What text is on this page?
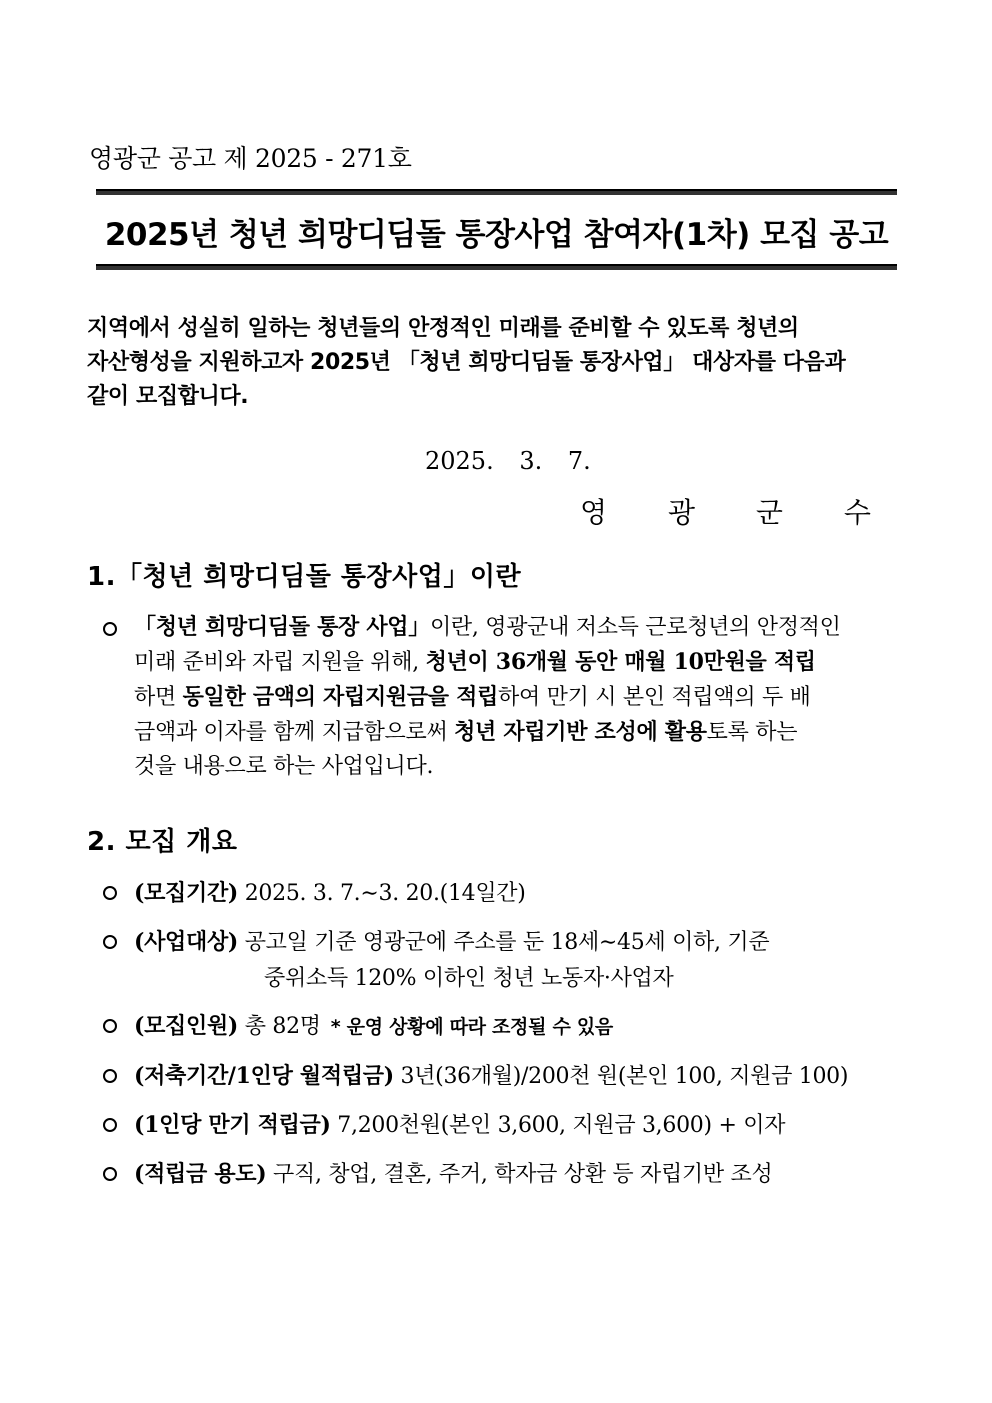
영광군 공고 제 2025 - 271호
2025년 청년 희망디딤돌 통장사업 참여자(1차) 모집 공고
지역에서 성실히 일하는 청년들의 안정적인 미래를 준비할 수 있도록 청년의
자산형성을 지원하고자 2025년 「청년 희망디딤돌 통장사업」 대상자를 다음과
같이 모집합니다.
2025. 3. 7.
영 광 군 수
1.「청년 희망디딤돌 통장사업」이란
「청년 희망디딤돌 통장 사업」이란, 영광군내 저소득 근로청년의 안정적인
미래 준비와 자립 지원을 위해, 청년이 36개월 동안 매월 10만원을 적립
하면 동일한 금액의 자립지원금을 적립하여 만기 시 본인 적립액의 두 배
금액과 이자를 함께 지급함으로써 청년 자립기반 조성에 활용토록 하는
것을 내용으로 하는 사업입니다.
2. 모집 개요
(모집기간) 2025. 3. 7.∼3. 20.(14일간)
(사업대상) 공고일 기준 영광군에 주소를 둔 18세∼45세 이하, 기준
중위소득 120% 이하인 청년 노동자·사업자
(모집인원) 총 82명 * 운영 상황에 따라 조정될 수 있음
(저축기간/1인당 월적립금) 3년(36개월)/200천 원(본인 100, 지원금 100)
(1인당 만기 적립금) 7,200천원(본인 3,600, 지원금 3,600) + 이자
(적립금 용도) 구직, 창업, 결혼, 주거, 학자금 상환 등 자립기반 조성
